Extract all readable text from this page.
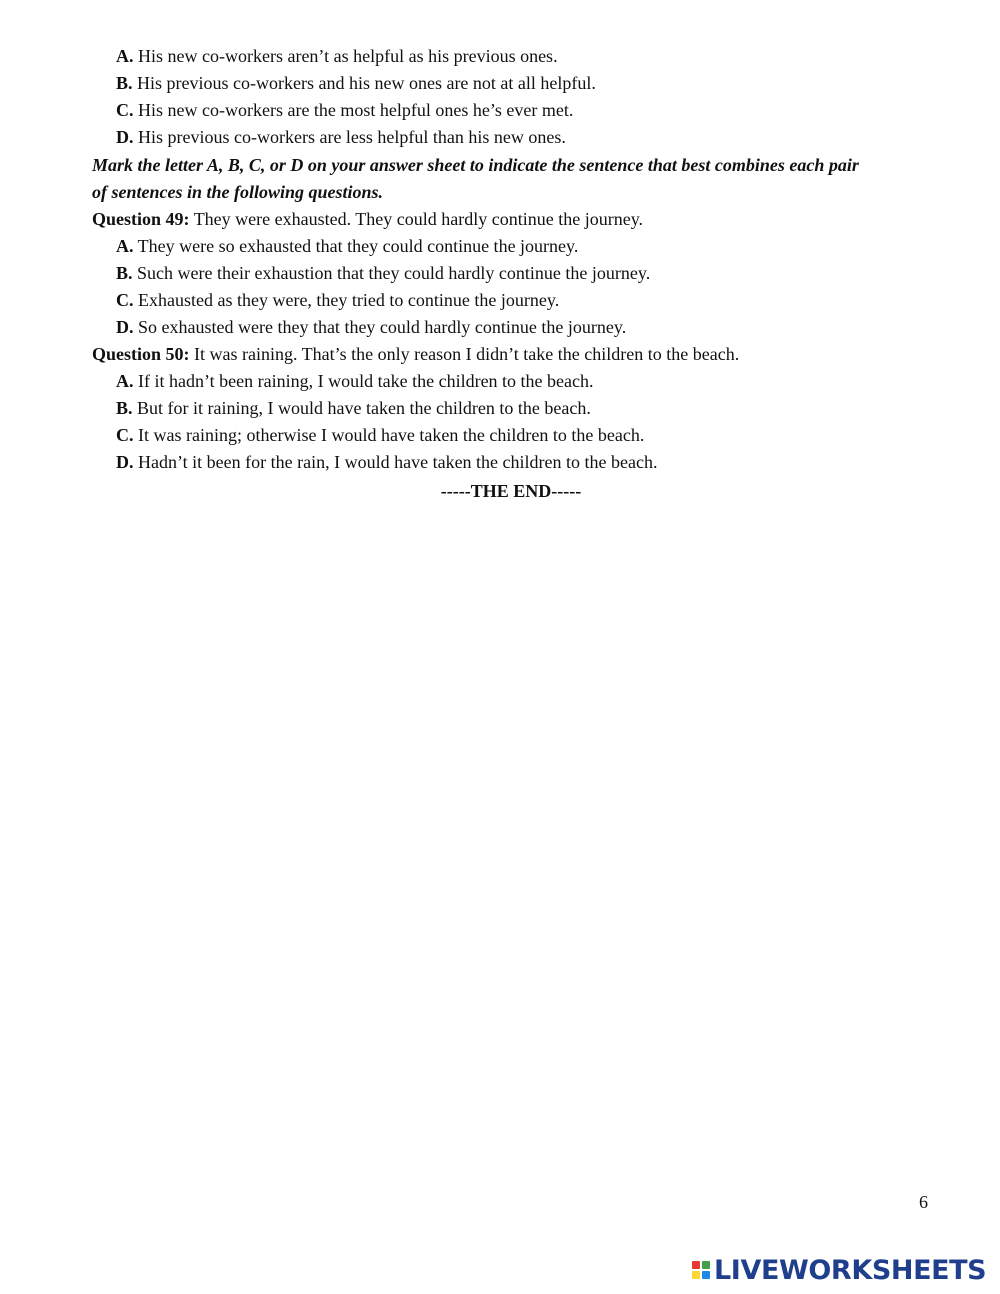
A. His new co-workers aren’t as helpful as his previous ones.
B. His previous co-workers and his new ones are not at all helpful.
C. His new co-workers are the most helpful ones he’s ever met.
D. His previous co-workers are less helpful than his new ones.
Mark the letter A, B, C, or D on your answer sheet to indicate the sentence that best combines each pair
of sentences in the following questions.
Question 49: They were exhausted. They could hardly continue the journey.
A. They were so exhausted that they could continue the journey.
B. Such were their exhaustion that they could hardly continue the journey.
C. Exhausted as they were, they tried to continue the journey.
D. So exhausted were they that they could hardly continue the journey.
Question 50: It was raining. That’s the only reason I didn’t take the children to the beach.
A. If it hadn’t been raining, I would take the children to the beach.
B. But for it raining, I would have taken the children to the beach.
C. It was raining; otherwise I would have taken the children to the beach.
D. Hadn’t it been for the rain, I would have taken the children to the beach.
-----THE END-----
6
LIVEWORKSHEETS
